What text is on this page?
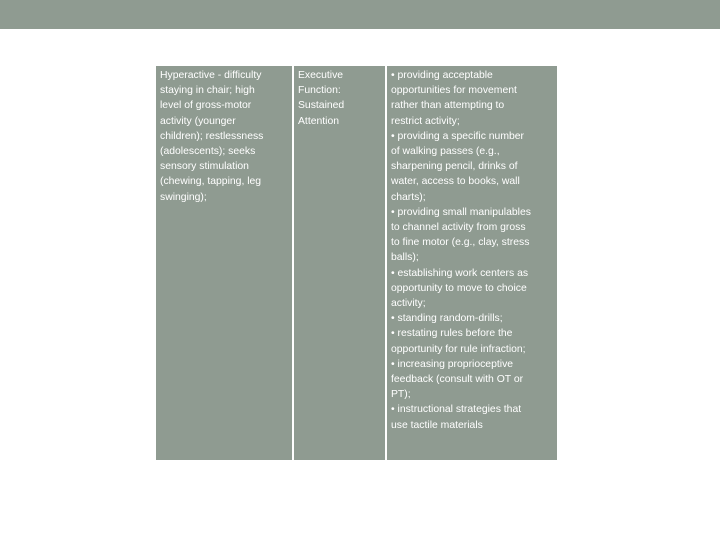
Hyperactive - difficulty
staying in chair; high
level of gross-motor
activity (younger
children); restlessness
(adolescents); seeks
sensory stimulation
(chewing, tapping, leg
swinging);
Executive
Function:
Sustained
Attention
• providing acceptable
opportunities for movement
rather than attempting to
restrict activity;
• providing a specific number
of walking passes (e.g.,
sharpening pencil, drinks of
water, access to books, wall
charts);
• providing small manipulables
to channel activity from gross
to fine motor (e.g., clay, stress
balls);
• establishing work centers as
opportunity to move to choice
activity;
• standing random-drills;
• restating rules before the
opportunity for rule infraction;
• increasing proprioceptive
feedback (consult with OT or
PT);
• instructional strategies that
use tactile materials
